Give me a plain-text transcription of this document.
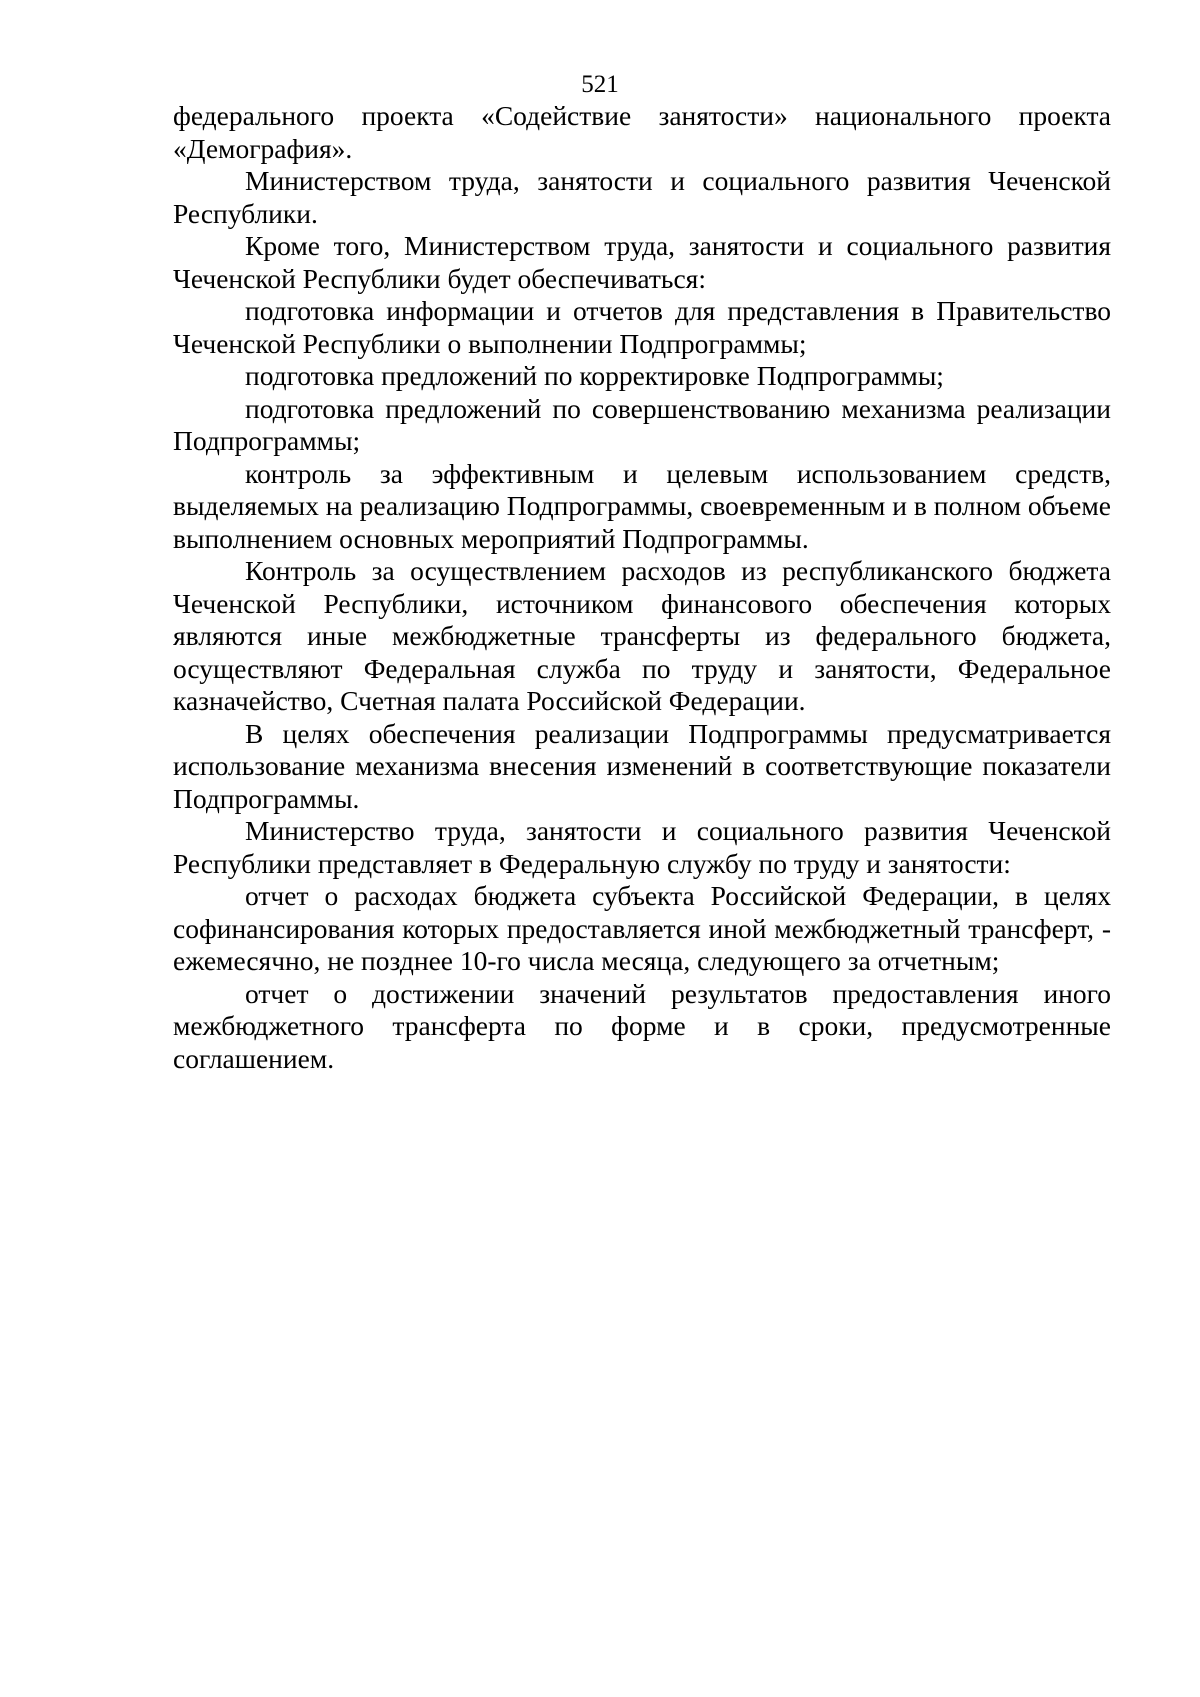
521

федерального проекта «Содействие занятости» национального проекта «Демография».

Министерством труда, занятости и социального развития Чеченской Республики.

Кроме того, Министерством труда, занятости и социального развития Чеченской Республики будет обеспечиваться:

подготовка информации и отчетов для представления в Правительство Чеченской Республики о выполнении Подпрограммы;

подготовка предложений по корректировке Подпрограммы;

подготовка предложений по совершенствованию механизма реализации Подпрограммы;

контроль за эффективным и целевым использованием средств, выделяемых на реализацию Подпрограммы, своевременным и в полном объеме выполнением основных мероприятий Подпрограммы.

Контроль за осуществлением расходов из республиканского бюджета Чеченской Республики, источником финансового обеспечения которых являются иные межбюджетные трансферты из федерального бюджета, осуществляют Федеральная служба по труду и занятости, Федеральное казначейство, Счетная палата Российской Федерации.

В целях обеспечения реализации Подпрограммы предусматривается использование механизма внесения изменений в соответствующие показатели Подпрограммы.

Министерство труда, занятости и социального развития Чеченской Республики представляет в Федеральную службу по труду и занятости:

отчет о расходах бюджета субъекта Российской Федерации, в целях софинансирования которых предоставляется иной межбюджетный трансферт, - ежемесячно, не позднее 10-го числа месяца, следующего за отчетным;

отчет о достижении значений результатов предоставления иного межбюджетного трансферта по форме и в сроки, предусмотренные соглашением.
